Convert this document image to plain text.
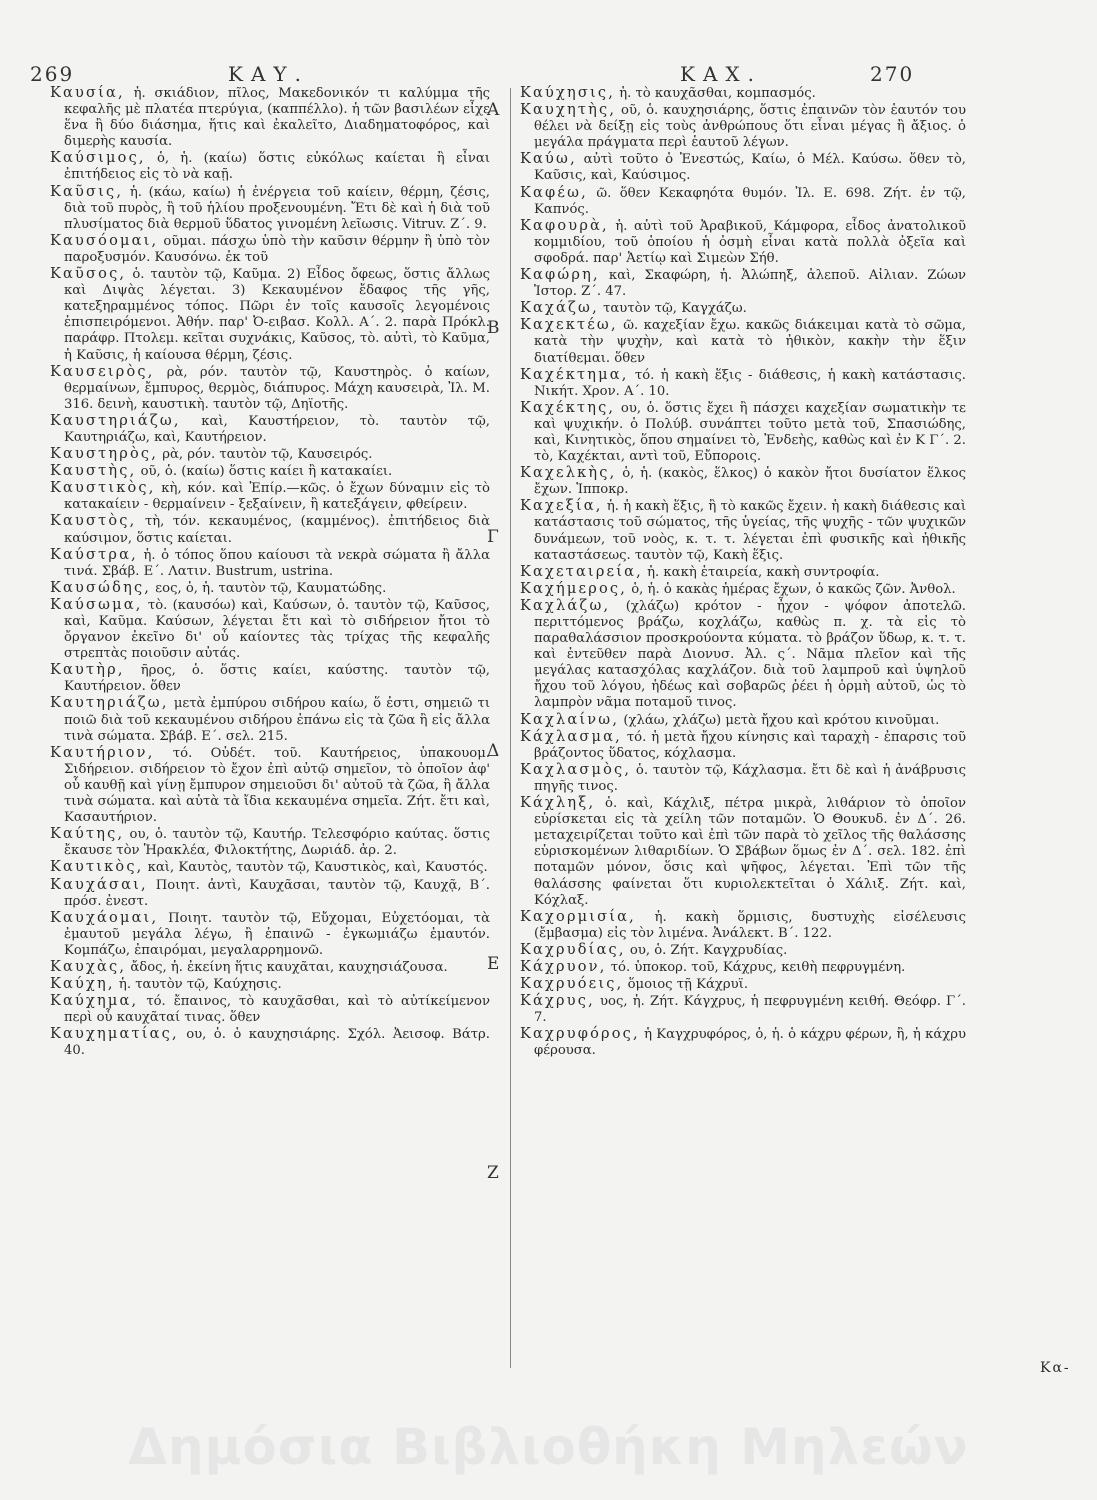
269	ΚΑΥ.	ΚΑΧ.	270
Α
Β
Γ
Δ
Ε
Ζ
Καυσία, ἡ. σκιάδιον, πῖλος, Μακεδονικόν τι καλύμμα τῆς κεφαλῆς μὲ πλατέα πτερύγια, (καππέλλο). ἡ τῶν βασιλέων εἶχε ἕνα ἢ δύο διάσημα, ἥτις καὶ ἐκαλεῖτο, Διαδηματοφόρος, καὶ διμερὴς καυσία.
Καύσιμος, ὁ, ἡ. (καίω) ὅστις εὐκόλως καίεται ἢ εἶναι ἐπιτήδειος εἰς τὸ νὰ καῇ.
Καῦσις, ἡ. (κάω, καίω) ἡ ἐνέργεια τοῦ καίειν, θέρμη, ζέσις, διὰ τοῦ πυρὸς, ἢ τοῦ ἡλίου προξενουμένη. Ἔτι δὲ καὶ ἡ διὰ τοῦ πλυσίματος διὰ θερμοῦ ὕδατος γινομένη λεῖωσις. Vitruv. Ζ΄. 9.
Καυσόομαι, οῦμαι. πάσχω ὑπὸ τὴν καῦσιν θέρμην ἢ ὑπὸ τὸν παροξυσμόν. Καυσόνω. ἐκ τοῦ
Καῦσος, ὁ. ταυτὸν τῷ, Καῦμα. 2) Εἶδος ὄφεως, ὅστις ἄλλως καὶ Διψὰς λέγεται. 3) Κεκαυμένον ἔδαφος τῆς γῆς, κατεξηραμμένος τόπος. Πῶρι ἐν τοῖς καυσοῖς λεγομένοις ἐπισπειρόμενοι. Ἀθήν. παρ' Ὀ-ειβασ. Κολλ. Α΄. 2. παρὰ Πρόκλ. παράφρ. Πτολεμ. κεῖται συχνάκις, Καῦσος, τὸ. αὐτὶ, τὸ Καῦμα, ἡ Καῦσις, ἡ καίουσα θέρμη, ζέσις.
Καυσειρὸς, ρὰ, ρόν. ταυτὸν τῷ, Καυστηρὸς. ὁ καίων, θερμαίνων, ἔμπυρος, θερμὸς, διάπυρος. Μάχη καυσειρὰ, Ἰλ. Μ. 316. δεινὴ, καυστικὴ. ταυτὸν τῷ, Δηϊοτῆς.
Καυστηριάζω, καὶ, Καυστήρειον, τὸ. ταυτὸν τῷ, Καυτηριάζω, καὶ, Καυτήρειον.
Καυστηρὸς, ρὰ, ρόν. ταυτὸν τῷ, Καυσειρός.
Καυστὴς, οῦ, ὁ. (καίω) ὅστις καίει ἢ κατακαίει.
Καυστικὸς, κὴ, κόν. καὶ Ἐπίρ.—κῶς. ὁ ἔχων δύναμιν εἰς τὸ κατακαίειν - θερμαίνειν - ξεξαίνειν, ἢ κατεξάγειν, φθείρειν.
Καυστὸς, τὴ, τόν. κεκαυμένος, (καμμένος). ἐπιτήδειος διὰ καύσιμον, ὅστις καίεται.
Καύστρα, ἡ. ὁ τόπος ὅπου καίουσι τὰ νεκρὰ σώματα ἢ ἄλλα τινά. Σβάβ. Ε΄. Λατιν. Bustrum, ustrina.
Καυσώδης, εος, ὁ, ἡ. ταυτὸν τῷ, Καυματώδης.
Καύσωμα, τὸ. (καυσόω) καὶ, Καύσων, ὁ. ταυτὸν τῷ, Καῦσος, καὶ, Καῦμα. Καύσων, λέγεται ἔτι καὶ τὸ σιδήρειον ἤτοι τὸ ὄργανον ἐκεῖνο δι' οὗ καίοντες τὰς τρίχας τῆς κεφαλῆς στρεπτὰς ποιοῦσιν αὐτάς.
Καυτὴρ, ῆρος, ὁ. ὅστις καίει, καύστης. ταυτὸν τῷ, Καυτήρειον. ὅθεν
Καυτηριάζω, μετὰ ἐμπύρου σιδήρου καίω, ὅ ἐστι, σημειῶ τι ποιῶ διὰ τοῦ κεκαυμένου σιδήρου ἐπάνω εἰς τὰ ζῶα ἢ εἰς ἄλλα τινὰ σώματα. Σβάβ. Ε΄. σελ. 215.
Καυτήριον, τό. Οὐδέτ. τοῦ. Καυτήρειος, ὑπακουομ. Σιδήρειον. σιδήρειον τὸ ἔχον ἐπὶ αὐτῷ σημεῖον, τὸ ὁποῖον ἀφ' οὗ καυθῇ καὶ γίνῃ ἔμπυρον σημειοῦσι δι' αὐτοῦ τὰ ζῶα, ἢ ἄλλα τινὰ σώματα. καὶ αὐτὰ τὰ ἴδια κεκαυμένα σημεῖα. Ζήτ. ἔτι καὶ, Κασαυτήριον.
Καύτης, ου, ὁ. ταυτὸν τῷ, Καυτήρ. Τελεσφόριο καύτας. ὅστις ἔκαυσε τὸν Ἡρακλέα, Φιλοκτήτης, Δωριάδ. ἀρ. 2.
Καυτικὸς, καὶ, Καυτὸς, ταυτὸν τῷ, Καυστικὸς, καὶ, Καυστός.
Καυχάσαι, Ποιητ. ἀντὶ, Καυχᾶσαι, ταυτὸν τῷ, Καυχᾷ, Β΄. πρόσ. ἐνεστ.
Καυχάομαι, Ποιητ. ταυτὸν τῷ, Εὔχομαι, Εὐχετόομαι, τὰ ἐμαυτοῦ μεγάλα λέγω, ἢ ἐπαινῶ - ἐγκωμιάζω ἐμαυτόν. Κομπάζω, ἐπαιρόμαι, μεγαλαρρημονῶ.
Καυχὰς, ἄδος, ἡ. ἐκείνη ἥτις καυχᾶται, καυχησιάζουσα.
Καύχη, ἡ. ταυτὸν τῷ, Καύχησις.
Καύχημα, τό. ἔπαινος, τὸ καυχᾶσθαι, καὶ τὸ αὐτίκείμενον περὶ οὗ καυχᾶταί τινας. ὅθεν
Καυχηματίας, ου, ὁ. ὁ καυχησιάρης. Σχόλ. Ἀεισοφ. Βάτρ. 40.
Καύχησις, ἡ. τὸ καυχᾶσθαι, κομπασμός.
Καυχητὴς, οῦ, ὁ. καυχησιάρης, ὅστις ἐπαινῶν τὸν ἑαυτόν του θέλει νὰ δείξῃ εἰς τοὺς ἀνθρώπους ὅτι εἶναι μέγας ἢ ἄξιος. ὁ μεγάλα πράγματα περὶ ἑαυτοῦ λέγων.
Καύω, αὐτὶ τοῦτο ὁ Ἐνεστώς, Καίω, ὁ Μέλ. Καύσω. ὅθεν τὸ, Καῦσις, καὶ, Καύσιμος.
Καφέω, ῶ. ὅθεν Κεκαφηότα θυμόν. Ἰλ. Ε. 698. Ζήτ. ἐν τῷ, Καπνός.
Καφουρὰ, ἡ. αὐτὶ τοῦ Ἀραβικοῦ, Κάμφορα, εἶδος ἀνατολικοῦ κομμιδίου, τοῦ ὁποίου ἡ ὀσμὴ εἶναι κατὰ πολλὰ ὀξεῖα καὶ σφοδρά. παρ' Ἀετίῳ καὶ Σιμεὼν Σήθ.
Καφώρη, καὶ, Σκαφώρη, ἡ. Ἀλώπηξ, ἀλεποῦ. Αἰλιαν. Ζώων Ἱστορ. Ζ΄. 47.
Καχάζω, ταυτὸν τῷ, Καγχάζω.
Καχεκτέω, ῶ. καχεξίαν ἔχω. κακῶς διάκειμαι κατὰ τὸ σῶμα, κατὰ τὴν ψυχὴν, καὶ κατὰ τὸ ἠθικὸν, κακὴν τὴν ἕξιν διατίθεμαι. ὅθεν
Καχέκτημα, τό. ἡ κακὴ ἕξις - διάθεσις, ἡ κακὴ κατάστασις. Νικήτ. Χρον. Α΄. 10.
Καχέκτης, ου, ὁ. ὅστις ἔχει ἢ πάσχει καχεξίαν σωματικὴν τε καὶ ψυχικήν. ὁ Πολύβ. συνάπτει τοῦτο μετὰ τοῦ, Σπασιώδης, καὶ, Κινητικὸς, ὅπου σημαίνει τὸ, Ἐνδεὴς, καθὼς καὶ ἐν Κ Γ΄. 2. τὸ, Καχέκται, αντὶ τοῦ, Εὔποροις.
Καχελκὴς, ὁ, ἡ. (κακὸς, ἕλκος) ὁ κακὸν ἤτοι δυσίατον ἕλκος ἔχων. Ἱπποκρ.
Καχεξία, ἡ. ἡ κακὴ ἕξις, ἢ τὸ κακῶς ἔχειν. ἡ κακὴ διάθεσις καὶ κατάστασις τοῦ σώματος, τῆς ὑγείας, τῆς ψυχῆς - τῶν ψυχικῶν δυνάμεων, τοῦ νοὸς, κ. τ. τ. λέγεται ἐπὶ φυσικῆς καὶ ἠθικῆς καταστάσεως. ταυτὸν τῷ, Κακὴ ἕξις.
Καχεταιρεία, ἡ. κακὴ ἑταιρεία, κακὴ συντροφία.
Καχήμερος, ὁ, ἡ. ὁ κακὰς ἡμέρας ἔχων, ὁ κακῶς ζῶν. Ἀνθολ.
Καχλάζω, (χλάζω) κρότον - ἦχον - ψόφον ἀποτελῶ. περιττόμενος βράζω, κοχλάζω, καθὼς π. χ. τὰ εἰς τὸ παραθαλάσσιον προσκρούοντα κύματα. τὸ βράζον ὕδωρ, κ. τ. τ. καὶ ἐντεῦθεν παρὰ Διονυσ. Ἀλ. ς΄. Νᾶμα πλεῖον καὶ τῆς μεγάλας κατασχόλας καχλάζον. διὰ τοῦ λαμπροῦ καὶ ὑψηλοῦ ἤχου τοῦ λόγου, ἡδέως καὶ σοβαρῶς ῥέει ἡ ὁρμὴ αὐτοῦ, ὡς τὸ λαμπρὸν νᾶμα ποταμοῦ τινος.
Καχλαίνω, (χλάω, χλάζω) μετὰ ἤχου καὶ κρότου κινοῦμαι.
Κάχλασμα, τό. ἡ μετὰ ἤχου κίνησις καὶ ταραχὴ - ἐπαρσις τοῦ βράζοντος ὕδατος, κόχλασμα.
Καχλασμὸς, ὁ. ταυτὸν τῷ, Κάχλασμα. ἔτι δὲ καὶ ἡ ἀνάβρυσις πηγῆς τινος.
Κάχληξ, ὁ. καὶ, Κάχλιξ, πέτρα μικρὰ, λιθάριον τὸ ὁποῖον εὑρίσκεται εἰς τὰ χείλη τῶν ποταμῶν. Ὁ Θουκυδ. ἐν Δ΄. 26. μεταχειρίζεται τοῦτο καὶ ἐπὶ τῶν παρὰ τὸ χεῖλος τῆς θαλάσσης εὑρισκομένων λιθαριδίων. Ὁ Σβάβων ὅμως ἐν Δ΄. σελ. 182. ἐπὶ ποταμῶν μόνον, ὅσις καὶ ψῆφος, λέγεται. Ἐπὶ τῶν τῆς θαλάσσης φαίνεται ὅτι κυριολεκτεῖται ὁ Χάλιξ. Ζήτ. καὶ, Κόχλαξ.
Καχορμισία, ἡ. κακὴ ὅρμισις, δυστυχὴς εἰσέλευσις (ἔμβασμα) εἰς τὸν λιμένα. Ἀνάλεκτ. Β΄. 122.
Καχρυδίας, ου, ὁ. Ζήτ. Καγχρυδίας.
Κάχρυον, τό. ὑποκορ. τοῦ, Κάχρυς, κειθὴ πεφρυγμένη.
Καχρυόεις, ὅμοιος τῇ Κάχρυϊ.
Κάχρυς, υος, ἡ. Ζήτ. Κάγχρυς, ἡ πεφρυγμένη κειθή. Θεόφρ. Γ΄. 7.
Καχρυφόρος, ἡ Καγχρυφόρος, ὁ, ἡ. ὁ κάχρυ φέρων, ἢ, ἡ κάχρυ φέρουσα.
Κα-
Δημόσια Βιβλιοθήκη Μηλεών
